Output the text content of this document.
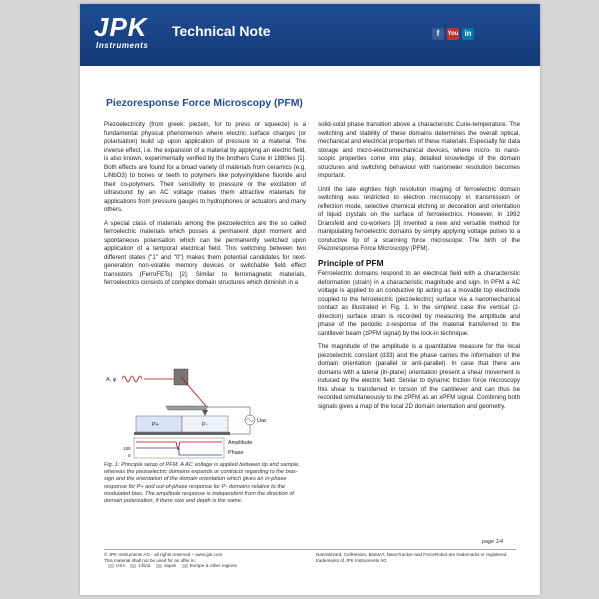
JPK
Instruments
Technical Note	f	You in
Piezoresponse Force Microscopy (PFM)

Piezoelectricity (from greek: piezein, for to press or squeeze) is a fundamental physical phenomenon where electric surface charges (or polarisation) build up upon application of pressure to a material. The inverse effect, i.e. the expansion of a material by applying an electric field, is also known, experimentally verified by the brothers Curie in 1880ies [1]. Both effects are found for a broad variety of materials from ceramics (e.g. LiNbO3) to bones or teeth to polymers like polyvinylidene fluoride and their co-polymers. Their sensitivity to pressure or the excitation of ultrasound by an AC voltage makes them attractive materials for applications from pressure gauges to hydrophones or actuators and many others.

A special class of materials among the piezoelectrics are the so called ferroelectric materials which posses a permanent dipol moment and spontaneous polarisation which can be permanently switched upon application of a temporal electrical field. This switching between two different states ("1" and "0") makes them potential candidates for next-generation non-volatile memory devices or switchable field effect transistors (FerroFETs) [2]. Similar to ferromagnetic materials, ferroelectrics consists of complex domain structures which diminish in a

solid-solid phase transition above a characteristic Curie-temperature. The switching and stability of these domains determines the overall optical, mechanical and electrical properties of these materials. Especially for data storage and micro-electromechanical devices, where micro- to nano-scopic properties come into play, detailed knowledge of the domain structures and switching behaviour with nanometer resolution becomes important.

Until the late eighties high resolution imaging of ferroelectric domain switching was restricted to electron microscopy in transmission or reflection mode, selective chemical etching or decoration and orientation of liquid crystals on the surface of ferroelectrics. However, in 1992 Dransfeld and co-workers [3] invented a new and versatile method for manipulating ferroelectric domains by simply applying voltage pulses to a conductive tip of a scanning force microscope: The birth of the Piezoresponse Force Microscopy (PFM).

Principle of PFM

Ferroelectric domains respond to an electrical field with a characteristic deformation (strain) in a characteristic magnitude and sign. In PFM a AC voltage is applied to an conductive tip acting as a movable top electrode coupled to the ferroelectric (piezoelectric) surface via a nanomechanical contact as illustrated in Fig. 1. In the simplest case the vertical (z-direction) surface strain is recorded by measuring the amplitude and phase of the periodic z-response of the material transferred to the cantilever beam (zPFM signal) by the lock-in technique.

The magnitude of the amplitude is a quantitative measure for the local piezoelectric constant (d33) and the phase carries the information of the domain orientation (parallel or anti-parallel). In case that there are domains with a lateral (in-plane) orientation present a shear movement is induced by the electric field. Similar to dynamic friction force microscopy this shear is transferred in torsion of the cantilever and can thus be recorded simultaneously to the zPFM as an xPFM signal. Combining both signals gives a map of the local 2D domain orientation and geometry.

A, φ
P+	P-
Uac
180
0
Amplitude
Phase
Fig. 1: Principle setup of PFM. A AC voltage is applied between tip and sample, whereas the piezoelectric domains expands or contracts regarding to the bias-sign and the orientation of the domain orientation which gives an in-phase response for P+ and out-of-phase response for P- domains relative to the modulated bias. The amplitude response is independent from the direction of domain polarization, if there size and depth is the same.
page 1/4
© JPK Instruments AG - all rights reserved – www.jpk.com
This material shall not be used for an offer in:
USA	China	Japan	Europe & other regions
NanoWizard, CellHesion, BioMAT, NanoTracker and ForceRobot are trademarks or registered trademarks of JPK Instruments AG
